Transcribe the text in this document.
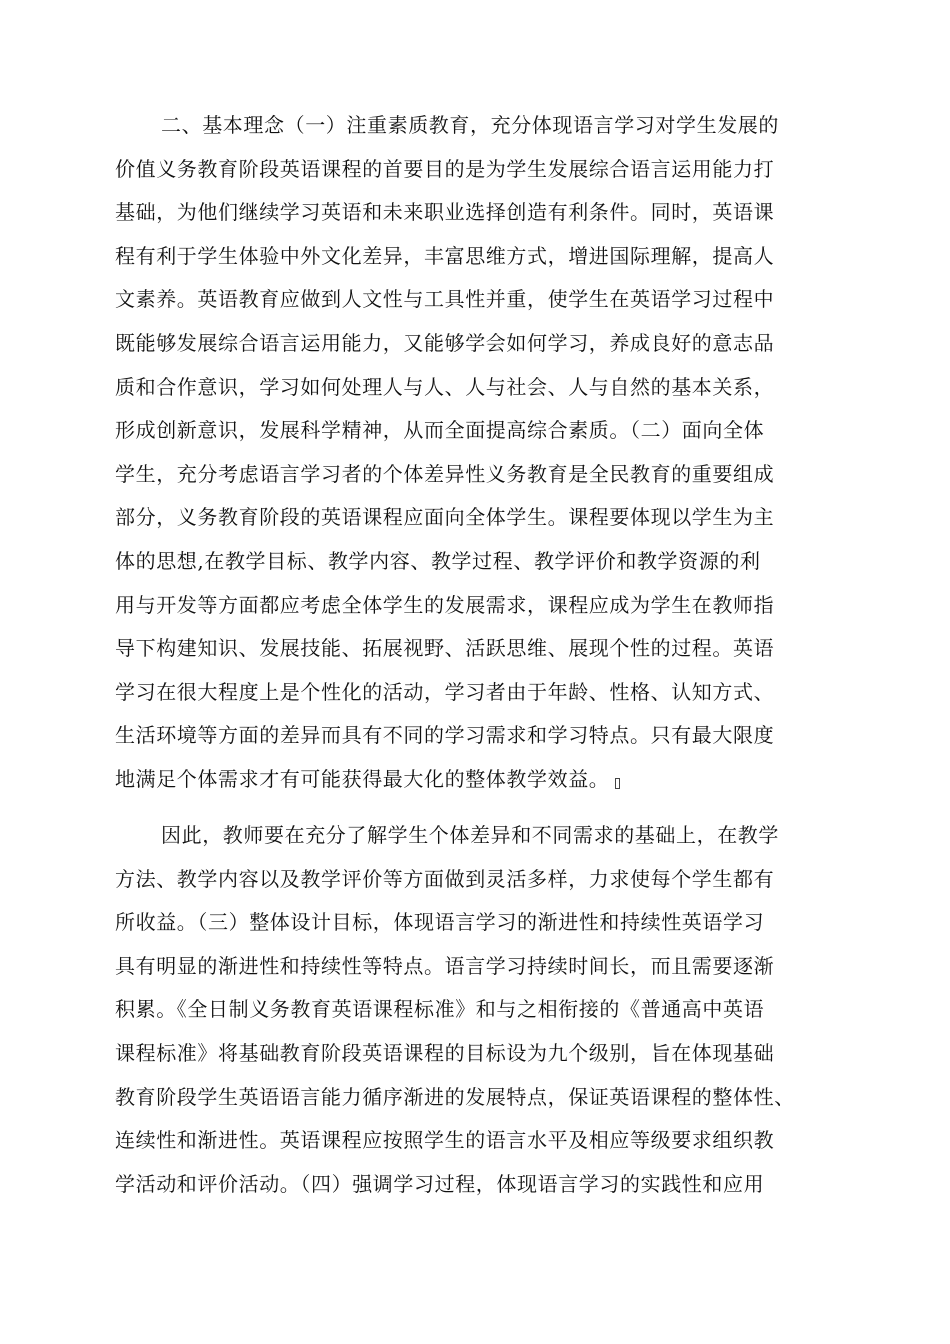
二、基本理念（一）注重素质教育，充分体现语言学习对学生发展的
价值义务教育阶段英语课程的首要目的是为学生发展综合语言运用能力打
基础，为他们继续学习英语和未来职业选择创造有利条件。同时，英语课
程有利于学生体验中外文化差异，丰富思维方式，增进国际理解，提高人
文素养。英语教育应做到人文性与工具性并重，使学生在英语学习过程中
既能够发展综合语言运用能力，又能够学会如何学习，养成良好的意志品
质和合作意识，学习如何处理人与人、人与社会、人与自然的基本关系，
形成创新意识，发展科学精神，从而全面提高综合素质。（二）面向全体
学生，充分考虑语言学习者的个体差异性义务教育是全民教育的重要组成
部分，义务教育阶段的英语课程应面向全体学生。课程要体现以学生为主
体的思想,在教学目标、教学内容、教学过程、教学评价和教学资源的利
用与开发等方面都应考虑全体学生的发展需求，课程应成为学生在教师指
导下构建知识、发展技能、拓展视野、活跃思维、展现个性的过程。英语
学习在很大程度上是个性化的活动，学习者由于年龄、性格、认知方式、
生活环境等方面的差异而具有不同的学习需求和学习特点。只有最大限度
地满足个体需求才有可能获得最大化的整体教学效益。
因此，教师要在充分了解学生个体差异和不同需求的基础上，在教学
方法、教学内容以及教学评价等方面做到灵活多样，力求使每个学生都有
所收益。（三）整体设计目标，体现语言学习的渐进性和持续性英语学习
具有明显的渐进性和持续性等特点。语言学习持续时间长，而且需要逐渐
积累。《全日制义务教育英语课程标准》和与之相衔接的《普通高中英语
课程标准》将基础教育阶段英语课程的目标设为九个级别，旨在体现基础
教育阶段学生英语语言能力循序渐进的发展特点，保证英语课程的整体性、
连续性和渐进性。英语课程应按照学生的语言水平及相应等级要求组织教
学活动和评价活动。（四）强调学习过程，体现语言学习的实践性和应用
